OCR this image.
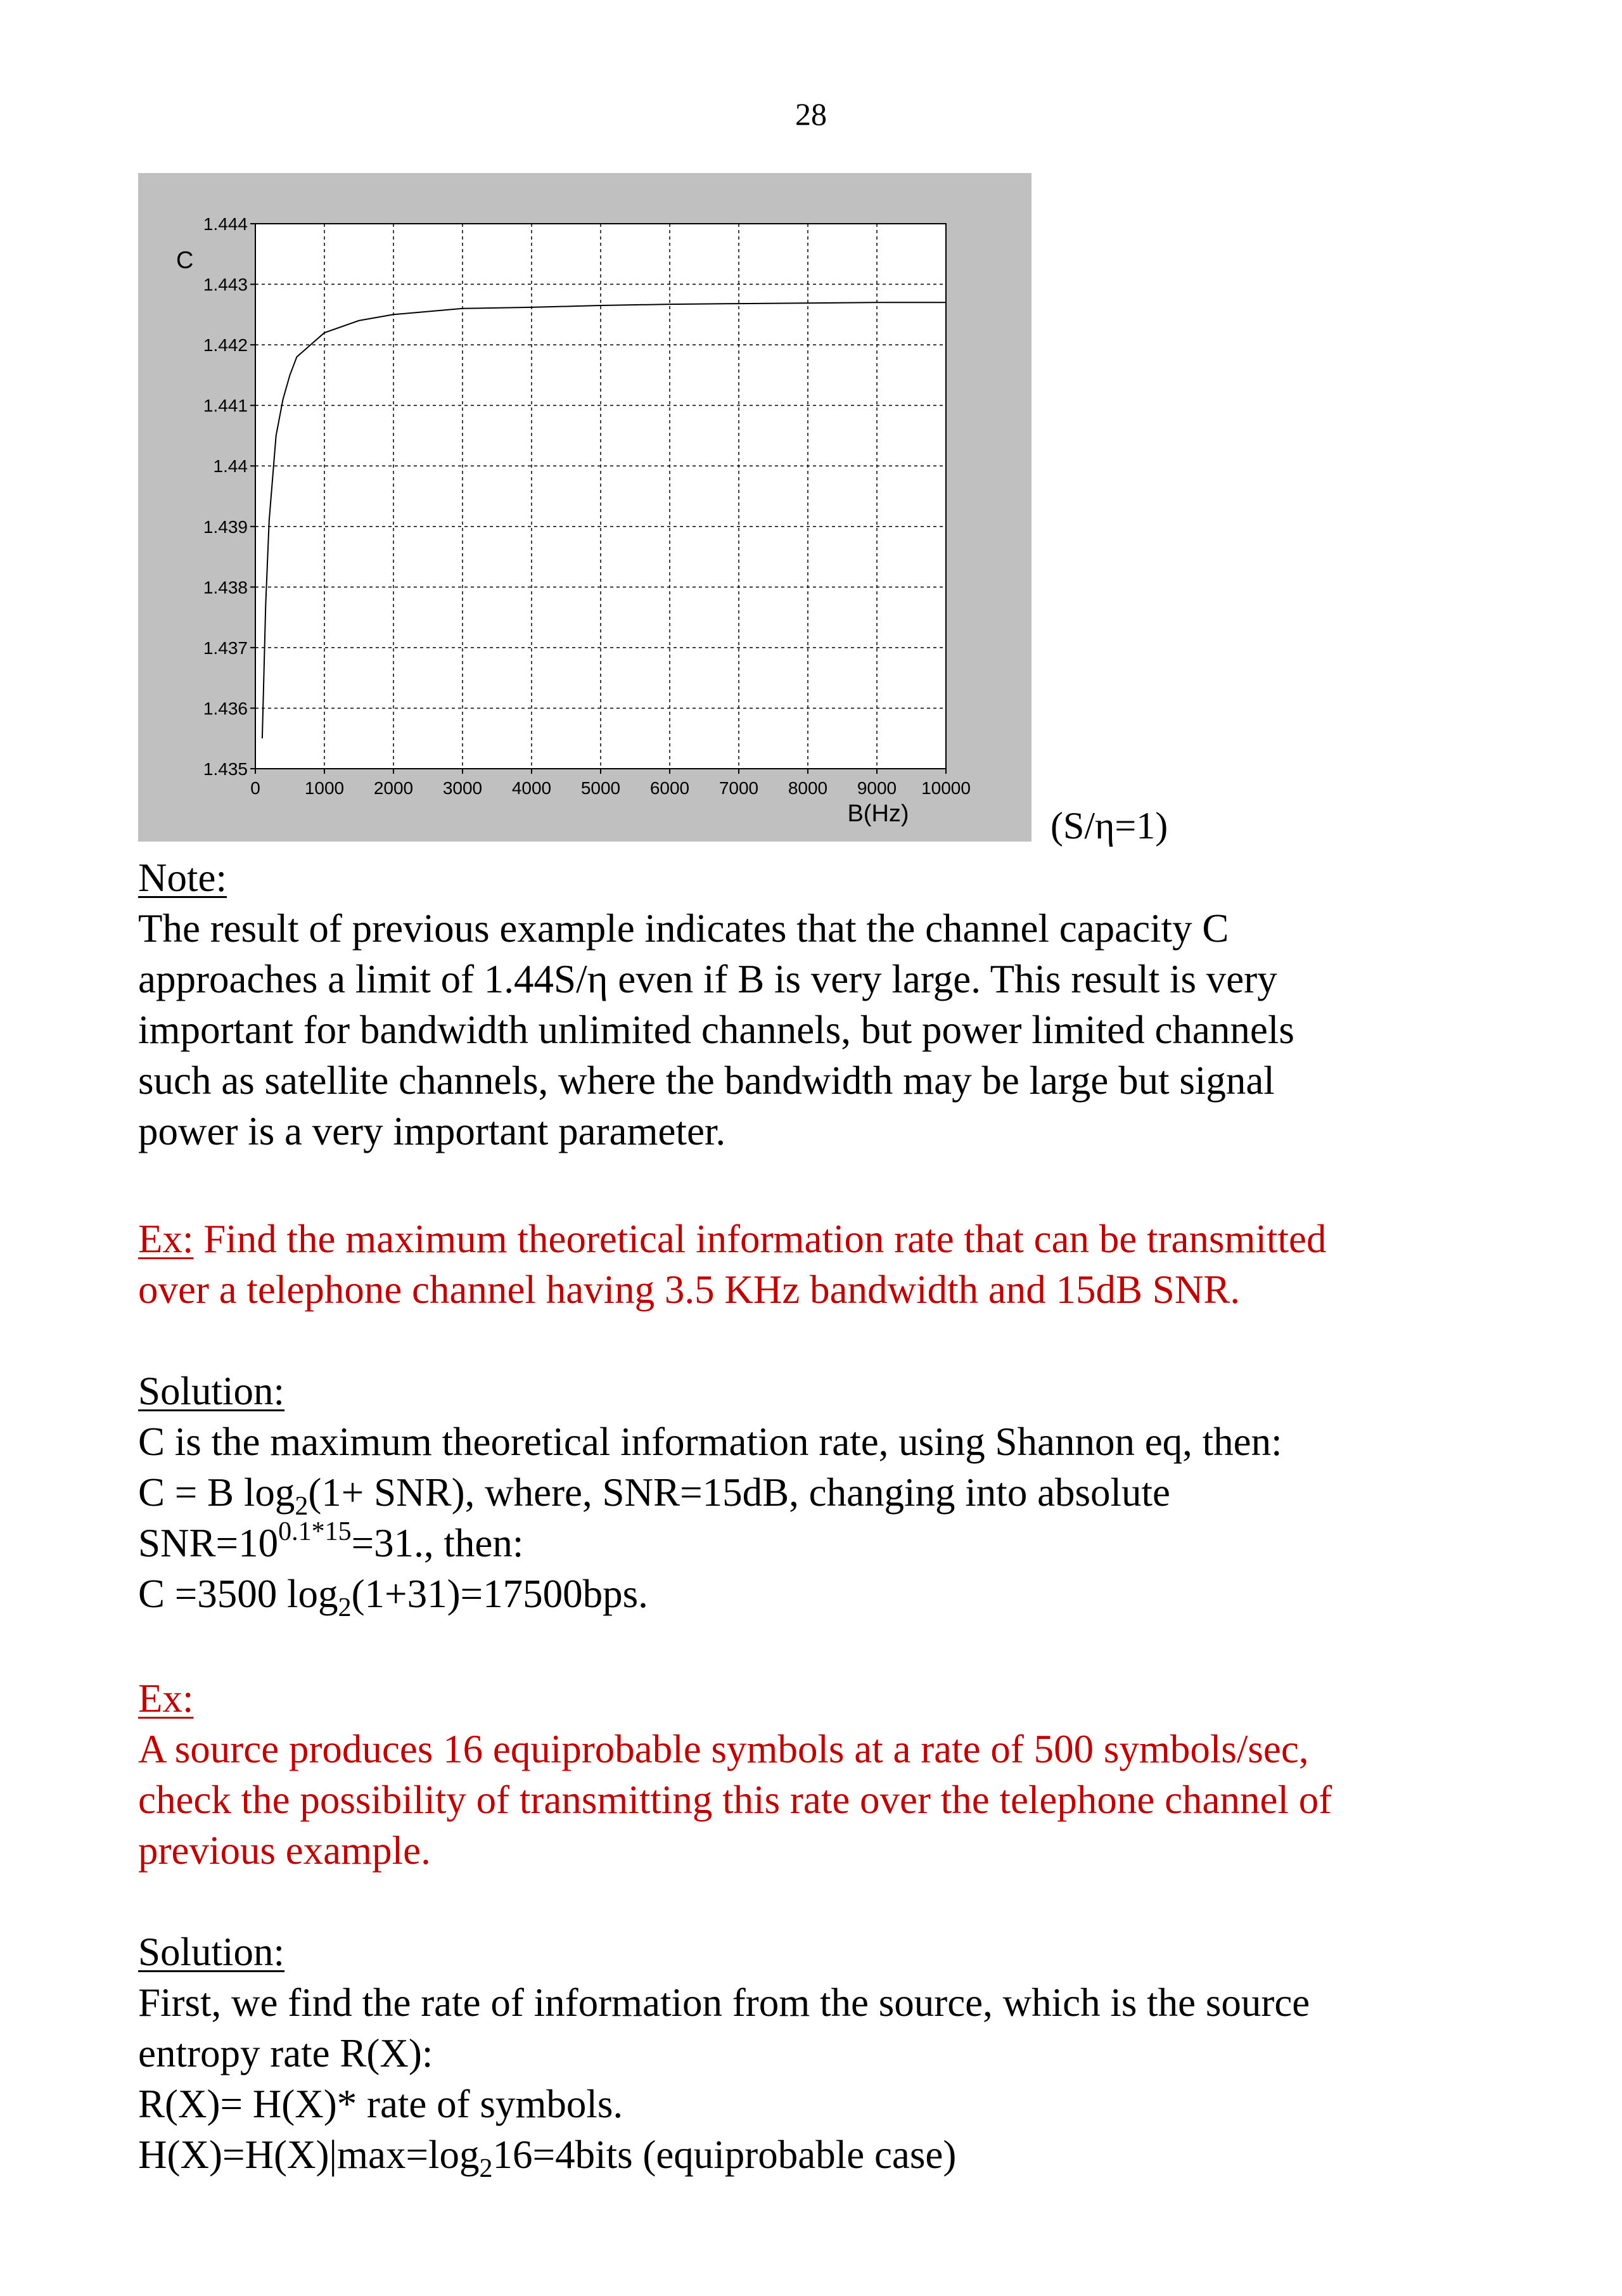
28
0	1000 2000 3000 4000 5000 6000 7000 8000 9000 10000
1.444
1.443
1.442
1.441
1.44
1.439
1.438
1.437
1.436
1.435
C
B(Hz)	(S/η=1)
Note:
The result of previous example indicates that the channel capacity C
approaches a limit of 1.44S/η even if B is very large. This result is very
important for bandwidth unlimited channels, but power limited channels
such as satellite channels, where the bandwidth may be large but signal
power is a very important parameter.
Ex: Find the maximum theoretical information rate that can be transmitted
over a telephone channel having 3.5 KHz bandwidth and 15dB SNR.
Solution:
C is the maximum theoretical information rate, using Shannon eq, then:
C = B $\log_2(1+ SNR)$, where, SNR=15dB, changing into absolute
$SNR=10^{0.1*15}=31$., then:
C =3500 $\log_2(1+31)=17500bps$.
Ex:
A source produces 16 equiprobable symbols at a rate of 500 symbols/sec,
check the possibility of transmitting this rate over the telephone channel of
previous example.
Solution:
First, we find the rate of information from the source, which is the source
entropy rate R(X):
R(X)= H(X)* rate of symbols.
$H(X)=H(X)|\max=\log_216=4bits$ (equiprobable case)
